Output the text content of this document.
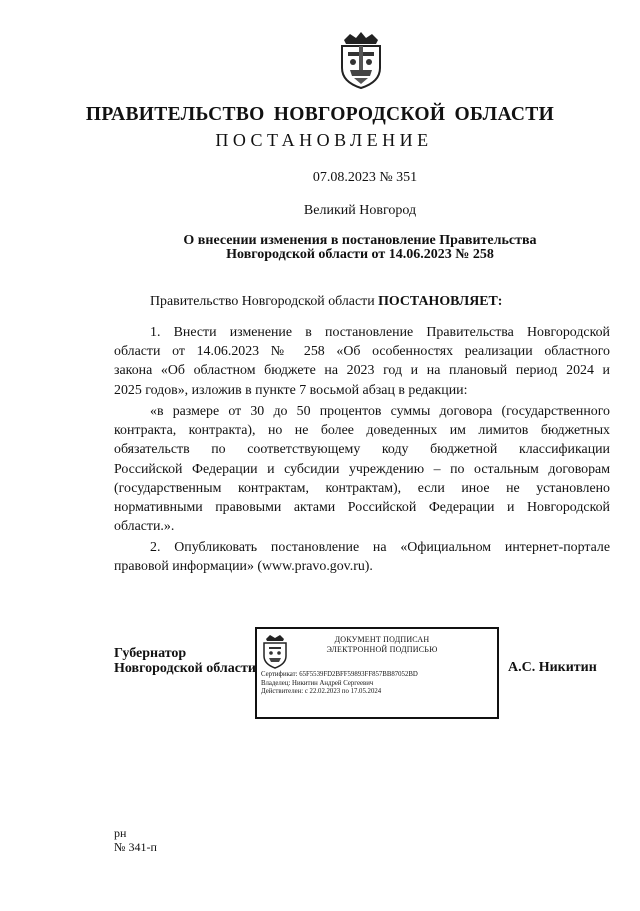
ПРАВИТЕЛЬСТВО НОВГОРОДСКОЙ ОБЛАСТИ
ПОСТАНОВЛЕНИЕ
07.08.2023 № 351
Великий Новгород
О внесении изменения в постановление Правительства
Новгородской области от 14.06.2023 № 258
Правительство Новгородской области ПОСТАНОВЛЯЕТ:
1. Внести изменение в постановление Правительства Новгородской
области от 14.06.2023 № 258 «Об особенностях реализации областного
закона «Об областном бюджете на 2023 год и на плановый период 2024 и
2025 годов», изложив в пункте 7 восьмой абзац в редакции:
«в размере от 30 до 50 процентов суммы договора (государственного
контракта, контракта), но не более доведенных им лимитов бюджетных
обязательств по соответствующему коду бюджетной классификации
Российской Федерации и субсидии учреждению – по остальным договорам
(государственным контрактам, контрактам), если иное не установлено
нормативными правовыми актами Российской Федерации и Новгородской
области.».
2. Опубликовать постановление на «Официальном интернет-портале
правовой информации» (www.pravo.gov.ru).
Губернатор
Новгородской области
ДОКУМЕНТ ПОДПИСАН
ЭЛЕКТРОННОЙ ПОДПИСЬЮ
Сертификат: 65F5539FD2BFF59893FF857BB87052BD
Владелец: Никитин Андрей Сергеевич
Действителен: с 22.02.2023 по 17.05.2024
А.С. Никитин
рн
№ 341-п
